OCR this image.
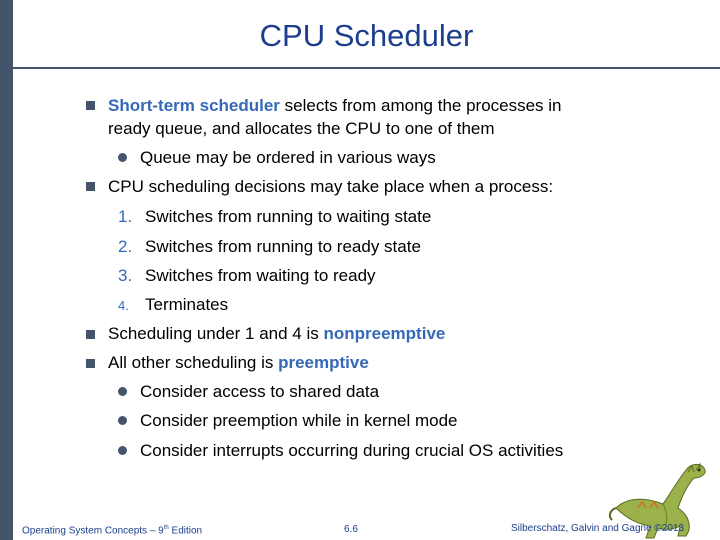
CPU Scheduler
Short-term scheduler selects from among the processes in
ready queue, and allocates the CPU to one of them
Queue may be ordered in various ways
CPU scheduling decisions may take place when a process:
1. Switches from running to waiting state
2. Switches from running to ready state
3. Switches from waiting to ready
4. Terminates
Scheduling under 1 and 4 is nonpreemptive
All other scheduling is preemptive
Consider access to shared data
Consider preemption while in kernel mode
Consider interrupts occurring during crucial OS activities
Operating System Concepts – 9th Edition	6.6	Silberschatz, Galvin and Gagne ©2013
